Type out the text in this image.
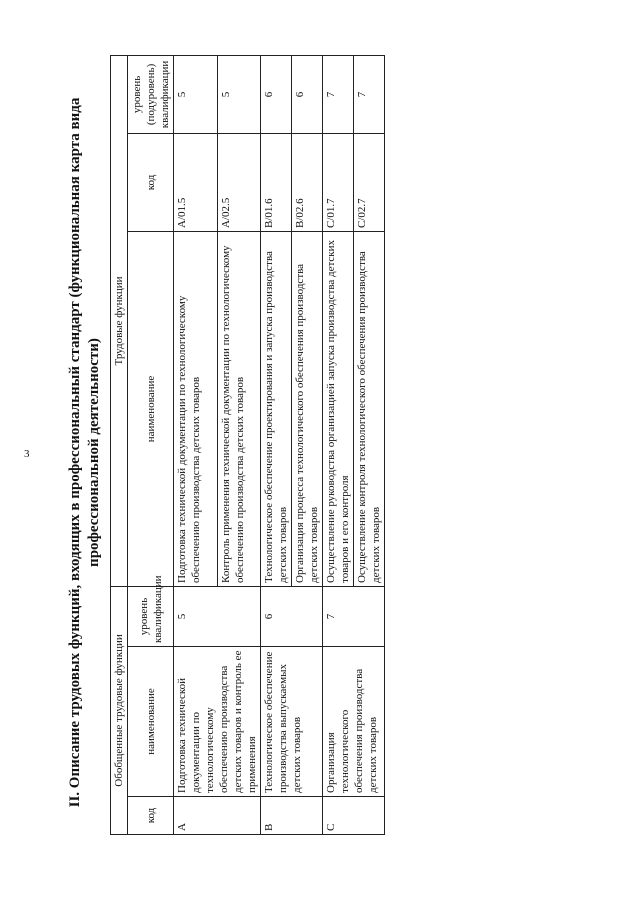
3	II. Описание трудовых функций, входящих в профессиональный стандарт (функциональная карта вида профессиональной деятельности)
Обобщенные трудовые функции			Трудовые функции		
код	наименование	уровень квалификации	наименование	код	уровень (подуровень) квалификации
A	Подготовка технической документации по технологическому обеспечению производства детских товаров и контроль ее применения	5	Подготовка технической документации по технологическому обеспечению производства детских товаров	A/01.5	5
			Контроль применения технической документации по технологическому обеспечению производства детских товаров	A/02.5	5
B	Технологическое обеспечение производства выпускаемых детских товаров	6	Технологическое обеспечение проектирования и запуска производства детских товаров	B/01.6	6
			Организация процесса технологического обеспечения производства детских товаров	B/02.6	6
C	Организация технологического обеспечения производства детских товаров	7	Осуществление руководства организацией запуска производства детских товаров и его контроля	C/01.7	7
			Осуществление контроля технологического обеспечения производства детских товаров	C/02.7	7
